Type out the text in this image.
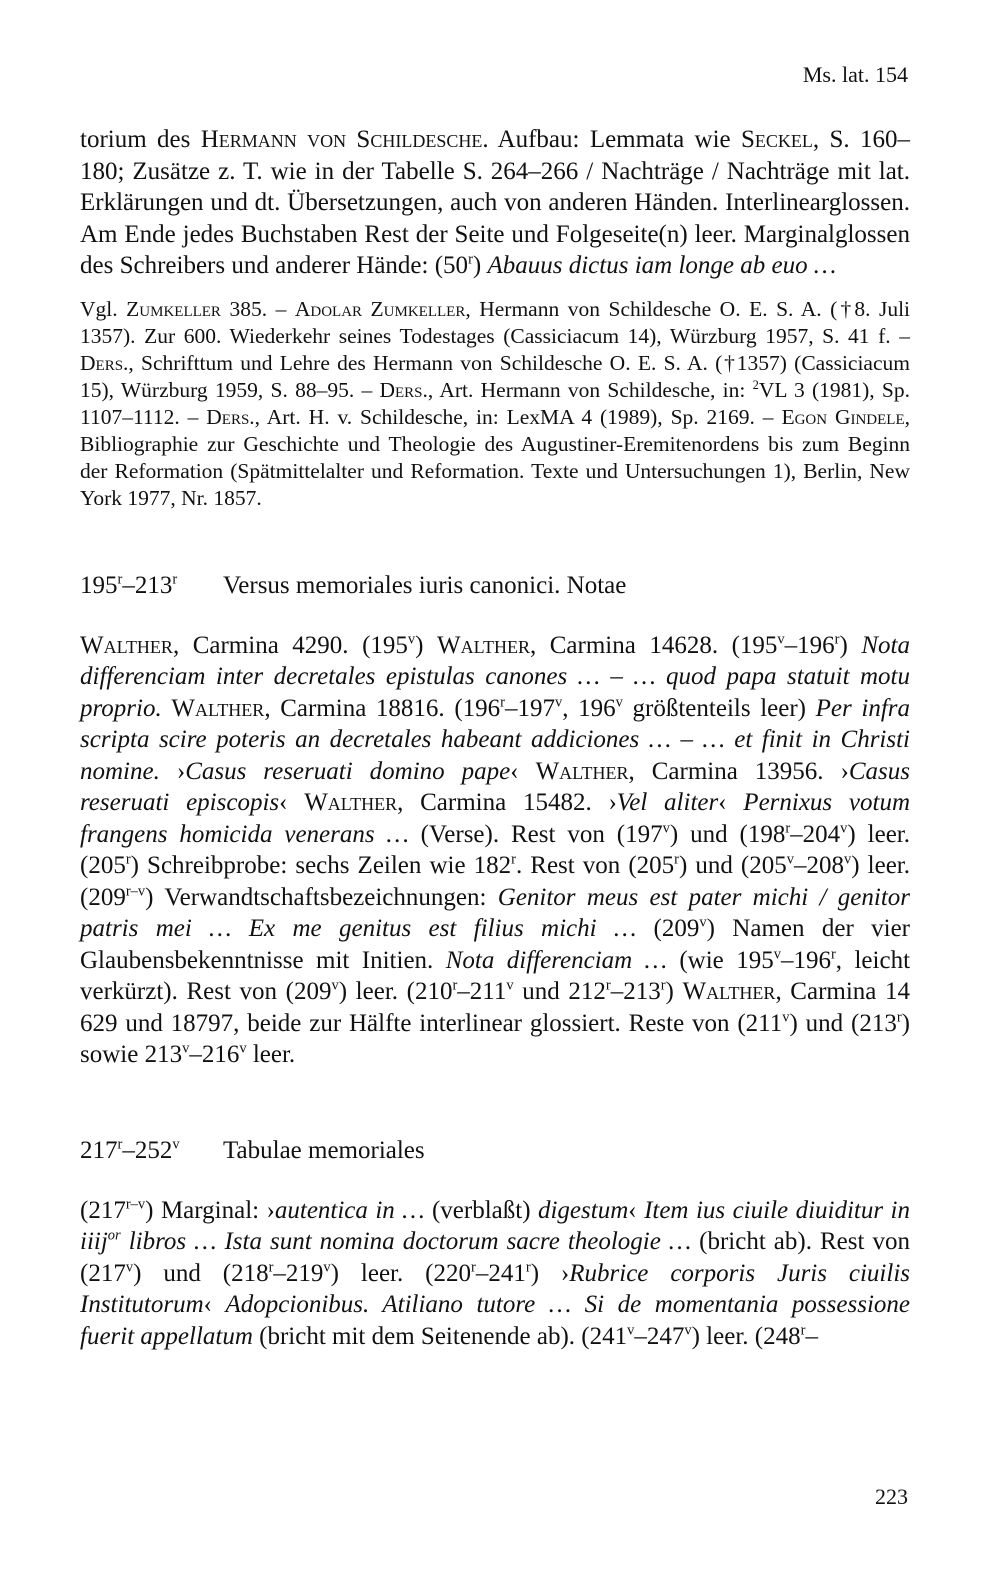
Ms. lat. 154

torium des Hermann von Schildesche. Aufbau: Lemmata wie Seckel, S. 160–180; Zusätze z. T. wie in der Tabelle S. 264–266 / Nachträge / Nachträge mit lat. Erklärungen und dt. Übersetzungen, auch von anderen Händen. Interlinearglossen. Am Ende jedes Buchstaben Rest der Seite und Folgeseite(n) leer. Marginalglossen des Schreibers und anderer Hände: (50$^r$) Abauus dictus iam longe ab euo …

Vgl. Zumkeller 385. – Adolar Zumkeller, Hermann von Schildesche O. E. S. A. (†8. Juli 1357). Zur 600. Wiederkehr seines Todestages (Cassiciacum 14), Würzburg 1957, S. 41 f. – Ders., Schrifttum und Lehre des Hermann von Schildesche O. E. S. A. (†1357) (Cassiciacum 15), Würzburg 1959, S. 88–95. – Ders., Art. Hermann von Schildesche, in: $^2$VL 3 (1981), Sp. 1107–1112. – Ders., Art. H. v. Schildesche, in: LexMA 4 (1989), Sp. 2169. – Egon Gindele, Bibliographie zur Geschichte und Theologie des Augustiner-Eremitenordens bis zum Beginn der Reformation (Spätmittelalter und Reformation. Texte und Untersuchungen 1), Berlin, New York 1977, Nr. 1857.

195$^r$–213$^r$	Versus memoriales iuris canonici. Notae

Walther, Carmina 4290. (195$^v$) Walther, Carmina 14628. (195$^v$–196$^r$) Nota differenciam inter decretales epistulas canones … – … quod papa statuit motu proprio. Walther, Carmina 18816. (196$^r$–197$^v$, 196$^v$ größtenteils leer) Per infra scripta scire poteris an decretales habeant addiciones … – … et finit in Christi nomine. ›Casus reseruati domino pape‹ Walther, Carmina 13956. ›Casus reseruati episcopis‹ Walther, Carmina 15482. ›Vel aliter‹ Pernixus votum frangens homicida venerans … (Verse). Rest von (197$^v$) und (198$^r$–204$^v$) leer. (205$^r$) Schreibprobe: sechs Zeilen wie 182$^r$. Rest von (205$^r$) und (205$^v$–208$^v$) leer. (209$^{r-v}$) Verwandtschaftsbezeichnungen: Genitor meus est pater michi / genitor patris mei … Ex me genitus est filius michi … (209$^v$) Namen der vier Glaubensbekenntnisse mit Initien. Nota differenciam … (wie 195$^v$–196$^r$, leicht verkürzt). Rest von (209$^v$) leer. (210$^r$–211$^v$ und 212$^r$–213$^r$) Walther, Carmina 14 629 und 18797, beide zur Hälfte interlinear glossiert. Reste von (211$^v$) und (213$^r$) sowie 213$^v$–216$^v$ leer.

217$^r$–252$^v$	Tabulae memoriales

(217$^{r-v}$) Marginal: ›autentica in … (verblaßt) digestum‹ Item ius ciuile diuiditur in iiij$^{or}$ libros … Ista sunt nomina doctorum sacre theologie … (bricht ab). Rest von (217$^v$) und (218$^r$–219$^v$) leer. (220$^r$–241$^r$) ›Rubrice corporis Juris ciuilis Institutorum‹ Adopcionibus. Atiliano tutore … Si de momentania possessione fuerit appellatum (bricht mit dem Seitenende ab). (241$^v$–247$^v$) leer. (248$^r$–

223
